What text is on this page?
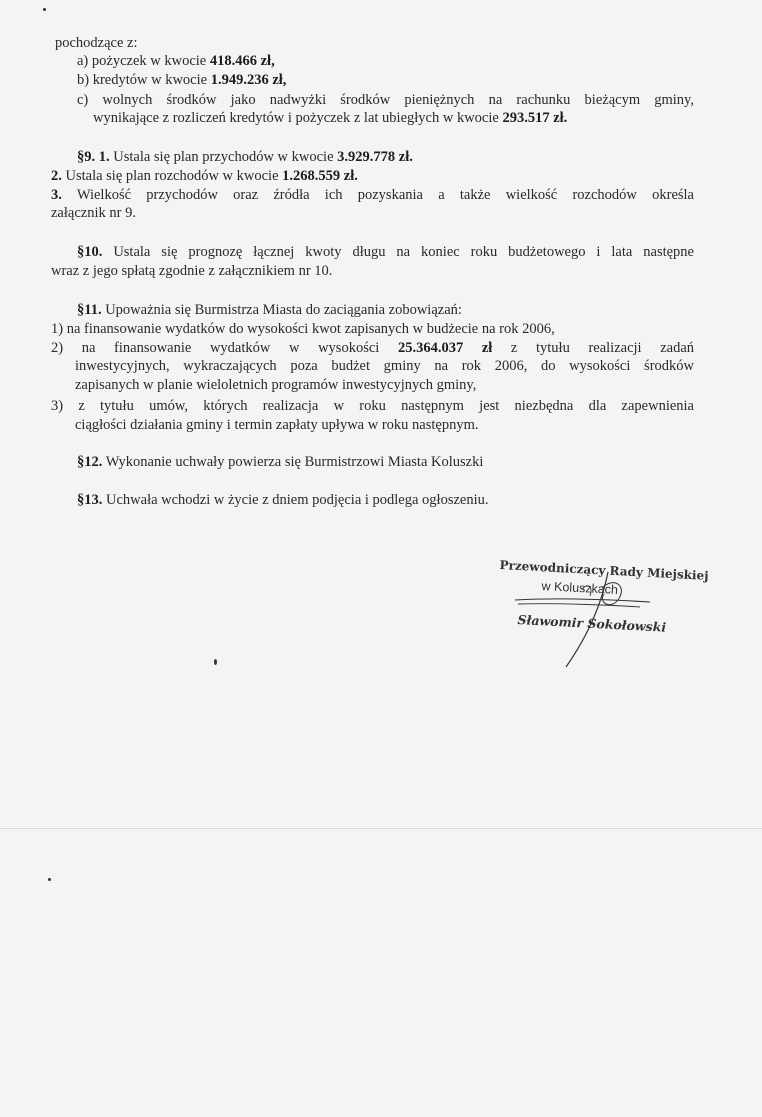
pochodzące z:
a) pożyczek w kwocie 418.466 zł,
b) kredytów w kwocie 1.949.236 zł,
c) wolnych środków jako nadwyżki środków pieniężnych na rachunku bieżącym gminy,
wynikające z rozliczeń kredytów i pożyczek z lat ubiegłych w kwocie 293.517 zł.
§9. 1. Ustala się plan przychodów w kwocie 3.929.778 zł.
2. Ustala się plan rozchodów w kwocie 1.268.559 zł.
3. Wielkość przychodów oraz źródła ich pozyskania a także wielkość rozchodów określa
załącznik nr 9.
§10. Ustala się prognozę łącznej kwoty długu na koniec roku budżetowego i lata następne
wraz z jego spłatą zgodnie z załącznikiem nr 10.
§11. Upoważnia się Burmistrza Miasta do zaciągania zobowiązań:
1) na finansowanie wydatków do wysokości kwot zapisanych w budżecie na rok 2006,
2) na finansowanie wydatków w wysokości 25.364.037 zł z tytułu realizacji zadań
inwestycyjnych, wykraczających poza budżet gminy na rok 2006, do wysokości środków
zapisanych w planie wieloletnich programów inwestycyjnych gminy,
3) z tytułu umów, których realizacja w roku następnym jest niezbędna dla zapewnienia
ciągłości działania gminy i termin zapłaty upływa w roku następnym.
§12. Wykonanie uchwały powierza się Burmistrzowi Miasta Koluszki
§13. Uchwała wchodzi w życie z dniem podjęcia i podlega ogłoszeniu.
Przewodniczący Rady Miejskiej
w Koluszkach
Sławomir Sokołowski
